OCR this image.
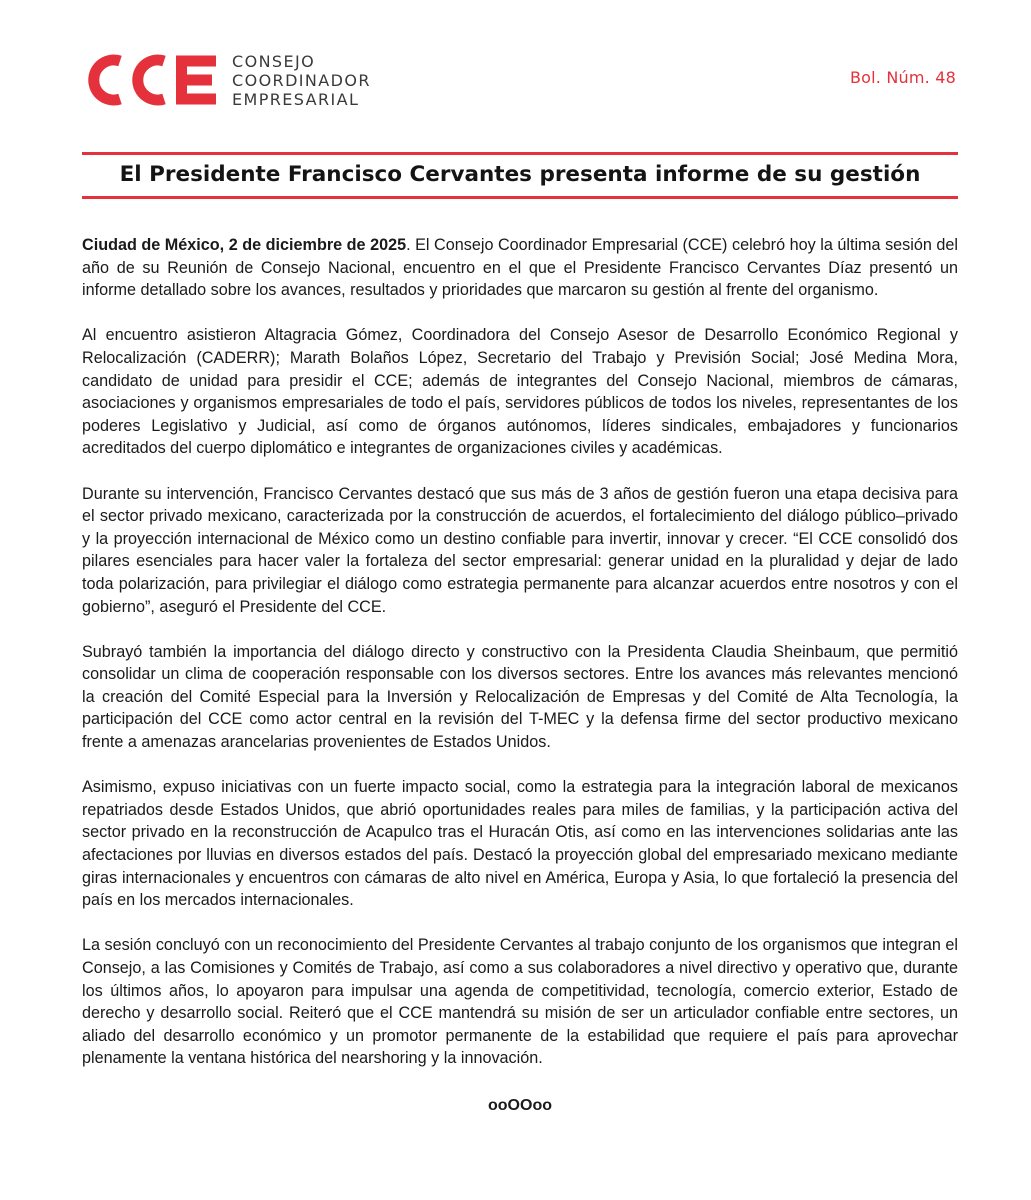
CONSEJO
COORDINADOR
EMPRESARIAL
Bol. Núm. 48
El Presidente Francisco Cervantes presenta informe de su gestión

Ciudad de México, 2 de diciembre de 2025. El Consejo Coordinador Empresarial (CCE) celebró hoy la última sesión del año de su Reunión de Consejo Nacional, encuentro en el que el Presidente Francisco Cervantes Díaz presentó un informe detallado sobre los avances, resultados y prioridades que marcaron su gestión al frente del organismo.

Al encuentro asistieron Altagracia Gómez, Coordinadora del Consejo Asesor de Desarrollo Económico Regional y Relocalización (CADERR); Marath Bolaños López, Secretario del Trabajo y Previsión Social; José Medina Mora, candidato de unidad para presidir el CCE; además de integrantes del Consejo Nacional, miembros de cámaras, asociaciones y organismos empresariales de todo el país, servidores públicos de todos los niveles, representantes de los poderes Legislativo y Judicial, así como de órganos autónomos, líderes sindicales, embajadores y funcionarios acreditados del cuerpo diplomático e integrantes de organizaciones civiles y académicas.

Durante su intervención, Francisco Cervantes destacó que sus más de 3 años de gestión fueron una etapa decisiva para el sector privado mexicano, caracterizada por la construcción de acuerdos, el fortalecimiento del diálogo público–privado y la proyección internacional de México como un destino confiable para invertir, innovar y crecer. “El CCE consolidó dos pilares esenciales para hacer valer la fortaleza del sector empresarial: generar unidad en la pluralidad y dejar de lado toda polarización, para privilegiar el diálogo como estrategia permanente para alcanzar acuerdos entre nosotros y con el gobierno”, aseguró el Presidente del CCE.

Subrayó también la importancia del diálogo directo y constructivo con la Presidenta Claudia Sheinbaum, que permitió consolidar un clima de cooperación responsable con los diversos sectores. Entre los avances más relevantes mencionó la creación del Comité Especial para la Inversión y Relocalización de Empresas y del Comité de Alta Tecnología, la participación del CCE como actor central en la revisión del T-MEC y la defensa firme del sector productivo mexicano frente a amenazas arancelarias provenientes de Estados Unidos.

Asimismo, expuso iniciativas con un fuerte impacto social, como la estrategia para la integración laboral de mexicanos repatriados desde Estados Unidos, que abrió oportunidades reales para miles de familias, y la participación activa del sector privado en la reconstrucción de Acapulco tras el Huracán Otis, así como en las intervenciones solidarias ante las afectaciones por lluvias en diversos estados del país. Destacó la proyección global del empresariado mexicano mediante giras internacionales y encuentros con cámaras de alto nivel en América, Europa y Asia, lo que fortaleció la presencia del país en los mercados internacionales.

La sesión concluyó con un reconocimiento del Presidente Cervantes al trabajo conjunto de los organismos que integran el Consejo, a las Comisiones y Comités de Trabajo, así como a sus colaboradores a nivel directivo y operativo que, durante los últimos años, lo apoyaron para impulsar una agenda de competitividad, tecnología, comercio exterior, Estado de derecho y desarrollo social. Reiteró que el CCE mantendrá su misión de ser un articulador confiable entre sectores, un aliado del desarrollo económico y un promotor permanente de la estabilidad que requiere el país para aprovechar plenamente la ventana histórica del nearshoring y la innovación.

ooOOoo
